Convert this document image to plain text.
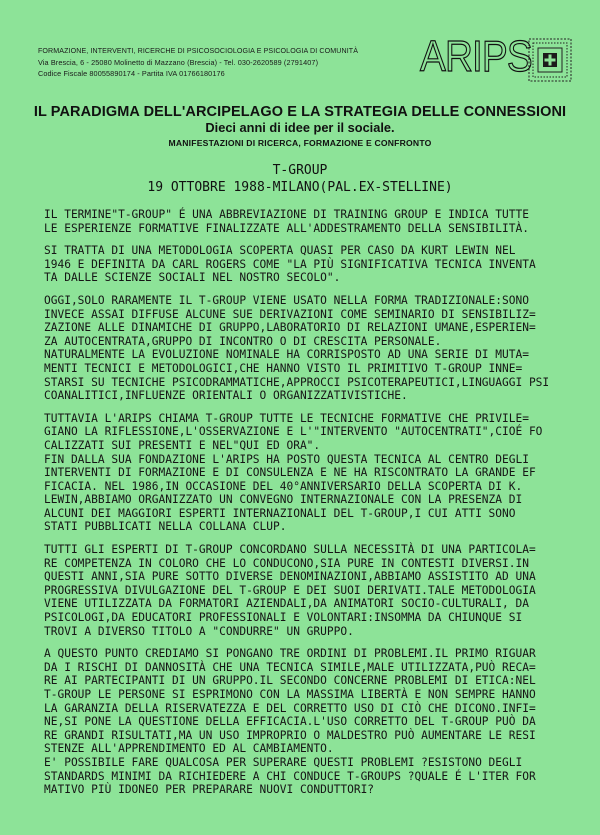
FORMAZIONE, INTERVENTI, RICERCHE DI PSICOSOCIOLOGIA E PSICOLOGIA DI COMUNITÀ
Via Brescia, 6 - 25080 Molinetto di Mazzano (Brescia) - Tel. 030-2620589 (2791407)
Codice Fiscale 80055890174 - Partita IVA 01766180176	ARIPS
IL PARADIGMA DELL'ARCIPELAGO E LA STRATEGIA DELLE CONNESSIONI
Dieci anni di idee per il sociale.
MANIFESTAZIONI DI RICERCA, FORMAZIONE E CONFRONTO
T-GROUP
19 OTTOBRE 1988-MILANO(PAL.EX-STELLINE)
IL TERMINE"T-GROUP" É UNA ABBREVIAZIONE DI TRAINING GROUP E INDICA TUTTE
LE ESPERIENZE FORMATIVE FINALIZZATE ALL'ADDESTRAMENTO DELLA SENSIBILITÀ.
SI TRATTA DI UNA METODOLOGIA SCOPERTA QUASI PER CASO DA KURT LEWIN NEL
1946 E DEFINITA DA CARL ROGERS COME "LA PIÙ SIGNIFICATIVA TECNICA INVENTA
TA DALLE SCIENZE SOCIALI NEL NOSTRO SECOLO".
OGGI,SOLO RARAMENTE IL T-GROUP VIENE USATO NELLA FORMA TRADIZIONALE:SONO
INVECE ASSAI DIFFUSE ALCUNE SUE DERIVAZIONI COME SEMINARIO DI SENSIBILIZ=
ZAZIONE ALLE DINAMICHE DI GRUPPO,LABORATORIO DI RELAZIONI UMANE,ESPERIEN=
ZA AUTOCENTRATA,GRUPPO DI INCONTRO O DI CRESCITA PERSONALE.
NATURALMENTE LA EVOLUZIONE NOMINALE HA CORRISPOSTO AD UNA SERIE DI MUTA=
MENTI TECNICI E METODOLOGICI,CHE HANNO VISTO IL PRIMITIVO T-GROUP INNE=
STARSI SU TECNICHE PSICODRAMMATICHE,APPROCCI PSICOTERAPEUTICI,LINGUAGGI PSI
COANALITICI,INFLUENZE ORIENTALI O ORGANIZZATIVISTICHE.
TUTTAVIA L'ARIPS CHIAMA T-GROUP TUTTE LE TECNICHE FORMATIVE CHE PRIVILE=
GIANO LA RIFLESSIONE,L'OSSERVAZIONE E L'"INTERVENTO "AUTOCENTRATI",CIOÉ FO
CALIZZATI SUI PRESENTI E NEL"QUI ED ORA".
FIN DALLA SUA FONDAZIONE L'ARIPS HA POSTO QUESTA TECNICA AL CENTRO DEGLI
INTERVENTI DI FORMAZIONE E DI CONSULENZA E NE HA RISCONTRATO LA GRANDE EF
FICACIA. NEL 1986,IN OCCASIONE DEL 40°ANNIVERSARIO DELLA SCOPERTA DI K.
LEWIN,ABBIAMO ORGANIZZATO UN CONVEGNO INTERNAZIONALE CON LA PRESENZA DI
ALCUNI DEI MAGGIORI ESPERTI INTERNAZIONALI DEL T-GROUP,I CUI ATTI SONO
STATI PUBBLICATI NELLA COLLANA CLUP.
TUTTI GLI ESPERTI DI T-GROUP CONCORDANO SULLA NECESSITÀ DI UNA PARTICOLA=
RE COMPETENZA IN COLORO CHE LO CONDUCONO,SIA PURE IN CONTESTI DIVERSI.IN
QUESTI ANNI,SIA PURE SOTTO DIVERSE DENOMINAZIONI,ABBIAMO ASSISTITO AD UNA
PROGRESSIVA DIVULGAZIONE DEL T-GROUP E DEI SUOI DERIVATI.TALE METODOLOGIA
VIENE UTILIZZATA DA FORMATORI AZIENDALI,DA ANIMATORI SOCIO-CULTURALI, DA
PSICOLOGI,DA EDUCATORI PROFESSIONALI E VOLONTARI:INSOMMA DA CHIUNQUE SI
TROVI A DIVERSO TITOLO A "CONDURRE" UN GRUPPO.
A QUESTO PUNTO CREDIAMO SI PONGANO TRE ORDINI DI PROBLEMI.IL PRIMO RIGUAR
DA I RISCHI DI DANNOSITÀ CHE UNA TECNICA SIMILE,MALE UTILIZZATA,PUÒ RECA=
RE AI PARTECIPANTI DI UN GRUPPO.IL SECONDO CONCERNE PROBLEMI DI ETICA:NEL
T-GROUP LE PERSONE SI ESPRIMONO CON LA MASSIMA LIBERTÀ E NON SEMPRE HANNO
LA GARANZIA DELLA RISERVATEZZA E DEL CORRETTO USO DI CIÒ CHE DICONO.INFI=
NE,SI PONE LA QUESTIONE DELLA EFFICACIA.L'USO CORRETTO DEL T-GROUP PUÒ DA
RE GRANDI RISULTATI,MA UN USO IMPROPRIO O MALDESTRO PUÒ AUMENTARE LE RESI
STENZE ALL'APPRENDIMENTO ED AL CAMBIAMENTO.
E' POSSIBILE FARE QUALCOSA PER SUPERARE QUESTI PROBLEMI ?ESISTONO DEGLI
STANDARDS MINIMI DA RICHIEDERE A CHI CONDUCE T-GROUPS ?QUALE É L'ITER FOR
MATIVO PIÙ IDONEO PER PREPARARE NUOVI CONDUTTORI?
